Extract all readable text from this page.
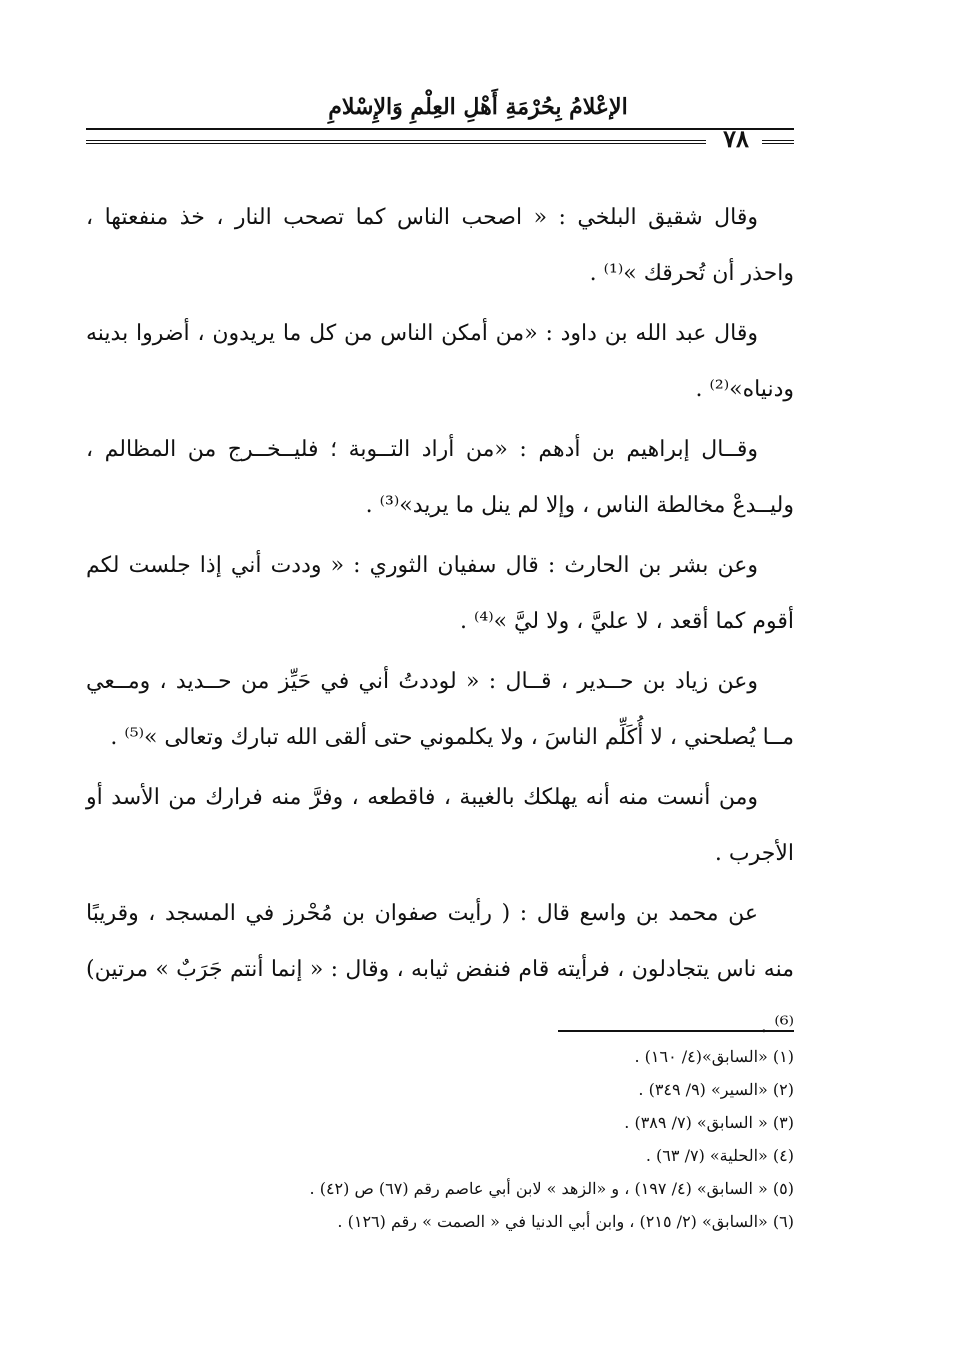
الإعْلامُ بِحُرْمَةِ أَهْلِ العِلْمِ وَالإِسْلامِ
٧٨

وقال شقيق البلخي : « اصحب الناس كما تصحب النار ، خذ منفعتها ، واحذر أن تُحرقك »⁽¹⁾ .

وقال عبد الله بن داود : «من أمكن الناس من كل ما يريدون ، أضروا بدينه ودنياه»⁽²⁾ .

وقــال إبراهيم بن أدهم : «من أراد التــوبة ؛ فليــخــرج من المظالم ، وليــدعْ مخالطة الناس ، وإلا لم ينل ما يريد»⁽³⁾ .

وعن بشر بن الحارث : قال سفيان الثوري : « وددت أني إذا جلست لكم أقوم كما أقعد ، لا عليَّ ، ولا ليَّ »⁽⁴⁾ .

وعن زياد بن حــدير ، قــال : « لوددتُ أني في حَيِّز من حــديد ، ومــعي مــا يُصلحني ، لا أُكَلِّم الناسَ ، ولا يكلموني حتى ألقى الله تبارك وتعالى »⁽⁵⁾ .

ومن أنست منه أنه يهلكك بالغيبة ، فاقطعه ، وفرَّ منه فرارك من الأسد أو الأجرب .

عن محمد بن واسع قال : ( رأيت صفوان بن مُحْرز في المسجد ، وقريبًا منه ناس يتجادلون ، فرأيته قام فنفض ثيابه ، وقال : « إنما أنتم جَرَبٌ » مرتين)⁽⁶⁾ .

(١) «السابق»(٤/ ١٦٠) .
(٢) «السير» (٩/ ٣٤٩) .
(٣) « السابق» (٧/ ٣٨٩) .
(٤) «الحلية» (٧/ ٦٣) .
(٥) « السابق» (٤/ ١٩٧) ، و «الزهد » لابن أبي عاصم رقم (٦٧) ص (٤٢) .
(٦) «السابق» (٢/ ٢١٥) ، وابن أبي الدنيا في « الصمت » رقم (١٢٦) .
